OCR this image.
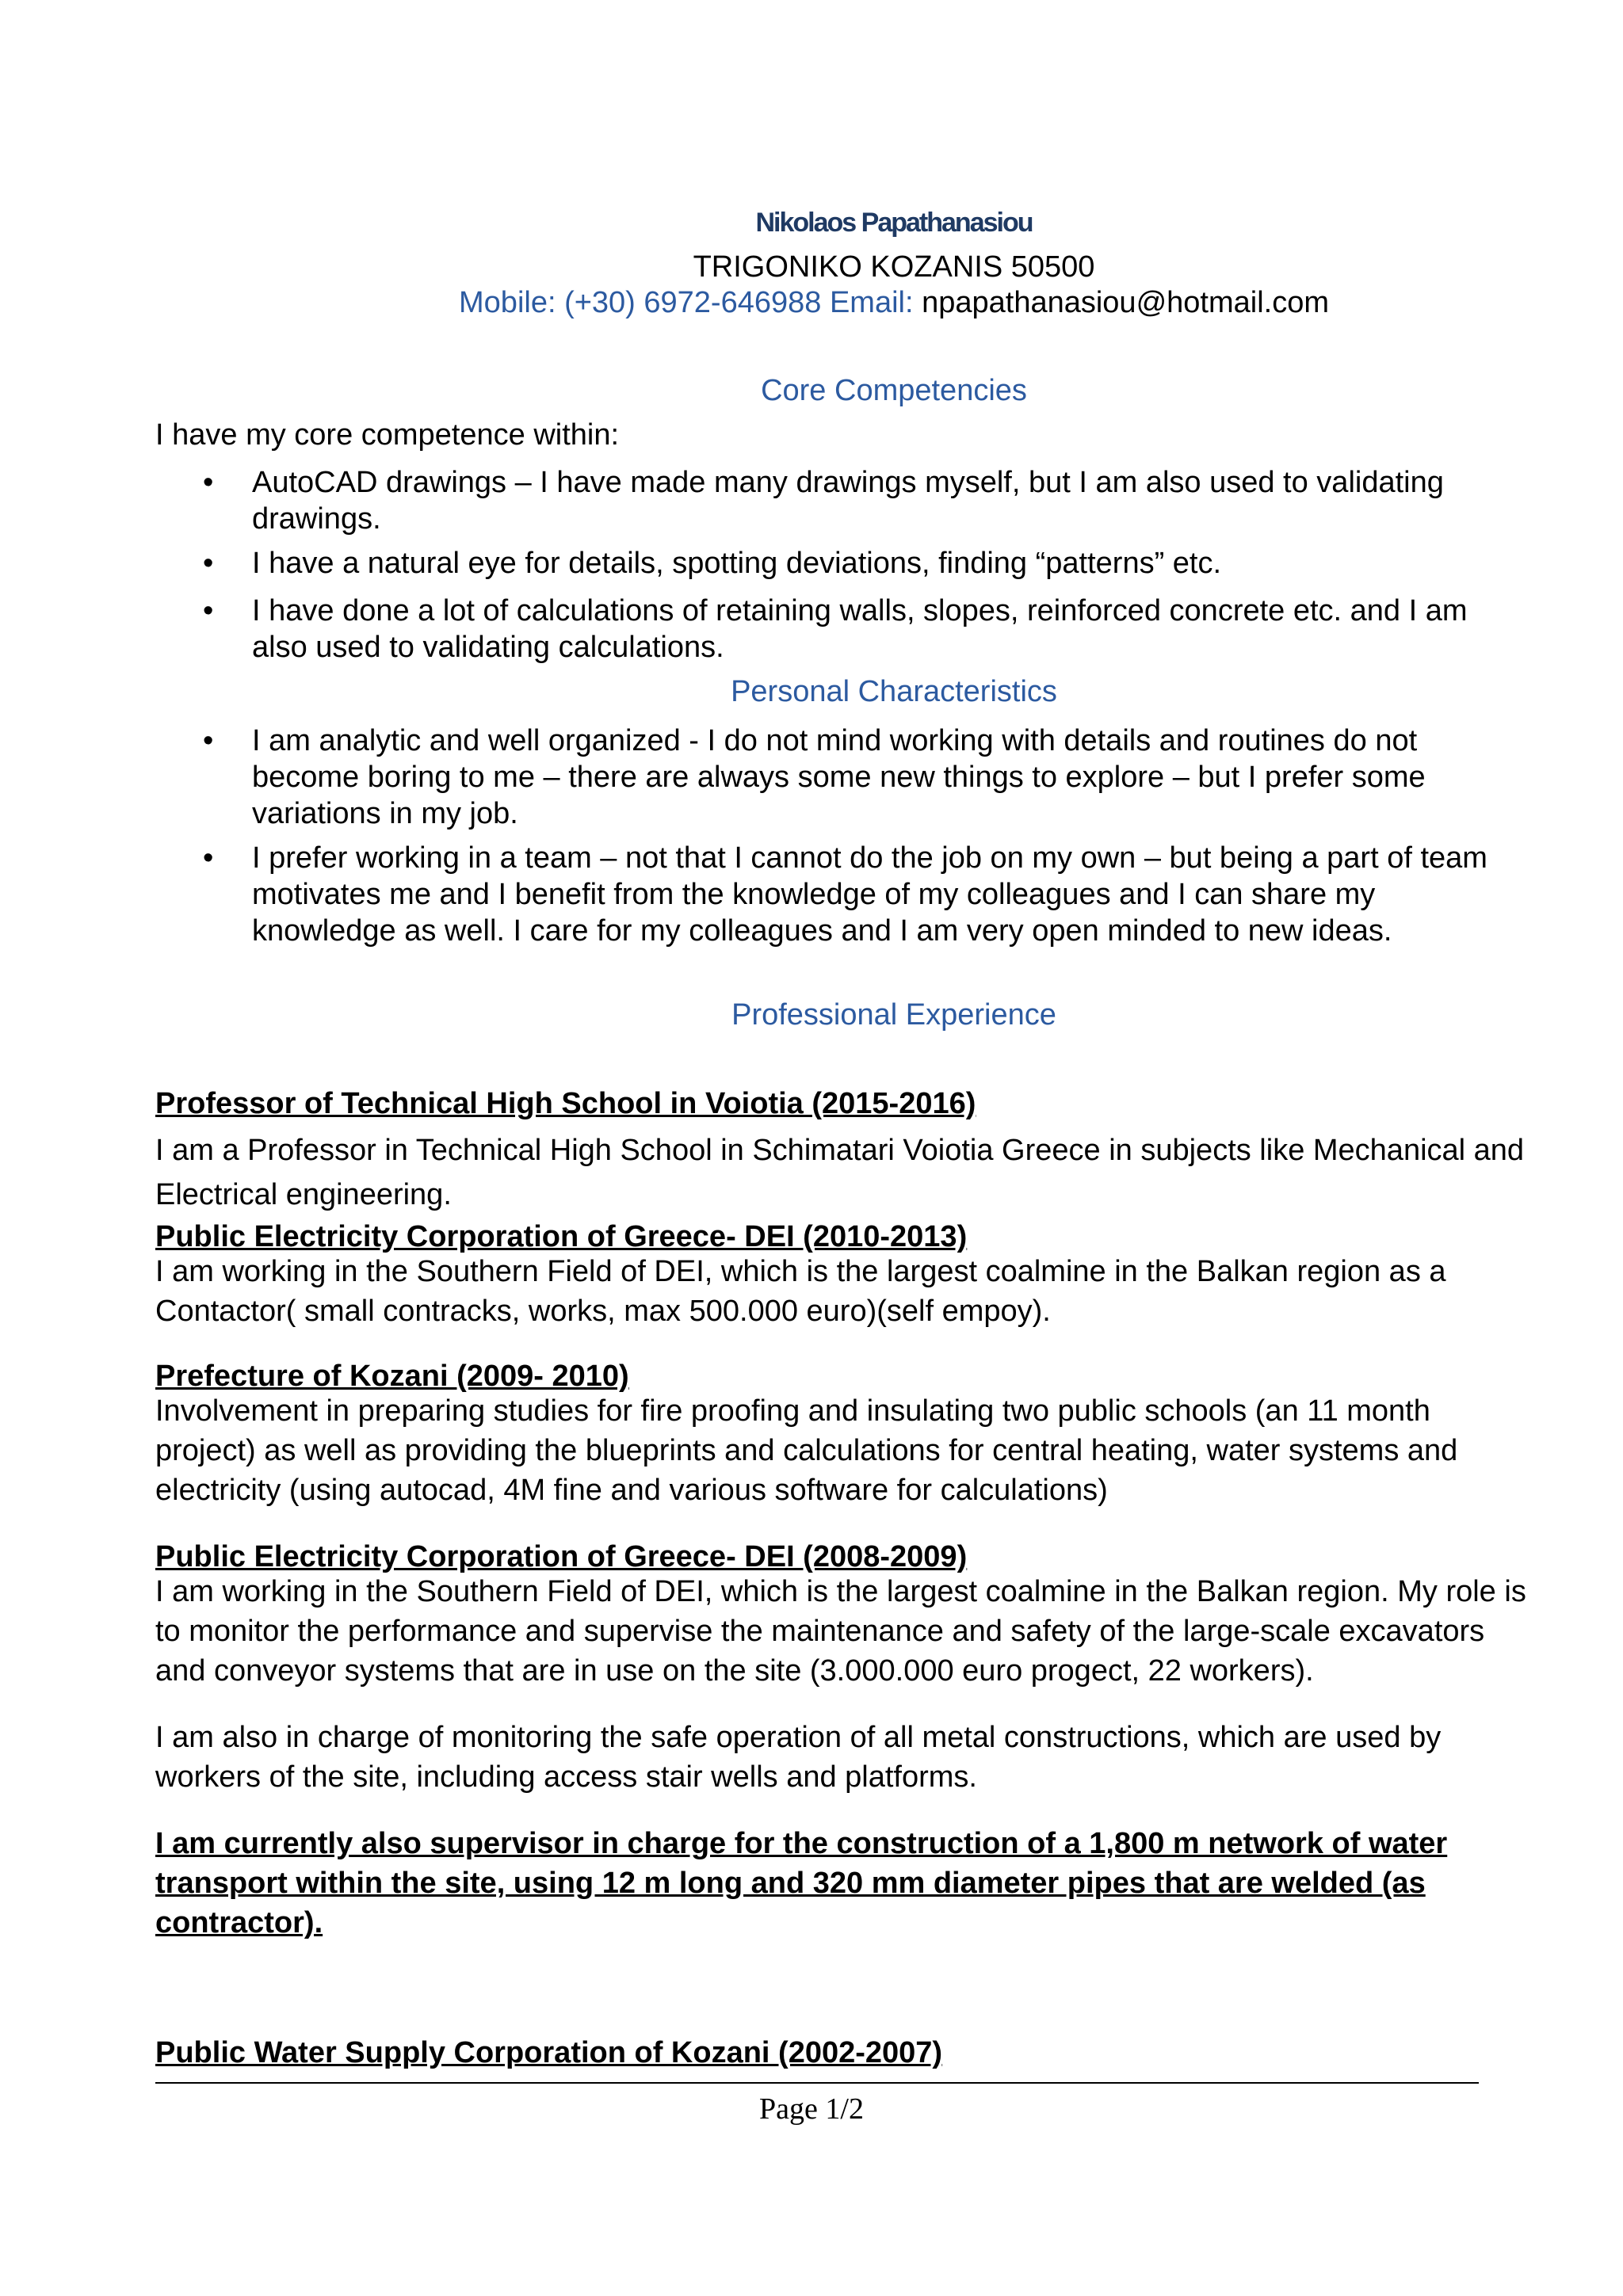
Nikolaos Papathanasiou
TRIGONIKO KOZANIS 50500
Mobile: (+30) 6972-646988 Email: npapathanasiou@hotmail.com
Core Competencies
I have my core competence within:
• AutoCAD drawings – I have made many drawings myself, but I am also used to validating drawings.
• I have a natural eye for details, spotting deviations, finding “patterns” etc.
• I have done a lot of calculations of retaining walls, slopes, reinforced concrete etc. and I am also used to validating calculations.
Personal Characteristics
• I am analytic and well organized - I do not mind working with details and routines do not become boring to me – there are always some new things to explore – but I prefer some variations in my job.
• I prefer working in a team – not that I cannot do the job on my own – but being a part of team motivates me and I benefit from the knowledge of my colleagues and I can share my knowledge as well. I care for my colleagues and I am very open minded to new ideas.
Professional Experience
Professor of Technical High School in Voiotia (2015-2016)
I am a Professor in Technical High School in Schimatari Voiotia Greece in subjects like Mechanical and Electrical engineering.
Public Electricity Corporation of Greece- DEI (2010-2013)
I am working in the Southern Field of DEI, which is the largest coalmine in the Balkan region as a Contactor( small contracks, works, max 500.000 euro)(self empoy).
Prefecture of Kozani (2009- 2010)
Involvement in preparing studies for fire proofing and insulating two public schools (an 11 month project) as well as providing the blueprints and calculations for central heating, water systems and electricity (using autocad, 4M fine and various software for calculations)
Public Electricity Corporation of Greece- DEI (2008-2009)
I am working in the Southern Field of DEI, which is the largest coalmine in the Balkan region. My role is to monitor the performance and supervise the maintenance and safety of the large-scale excavators and conveyor systems that are in use on the site (3.000.000 euro progect, 22 workers).
I am also in charge of monitoring the safe operation of all metal constructions, which are used by workers of the site, including access stair wells and platforms.
I am currently also supervisor in charge for the construction of a 1,800 m network of water transport within the site, using 12 m long and 320 mm diameter pipes that are welded (as contractor).
Public Water Supply Corporation of Kozani (2002-2007)
Page 1/2
